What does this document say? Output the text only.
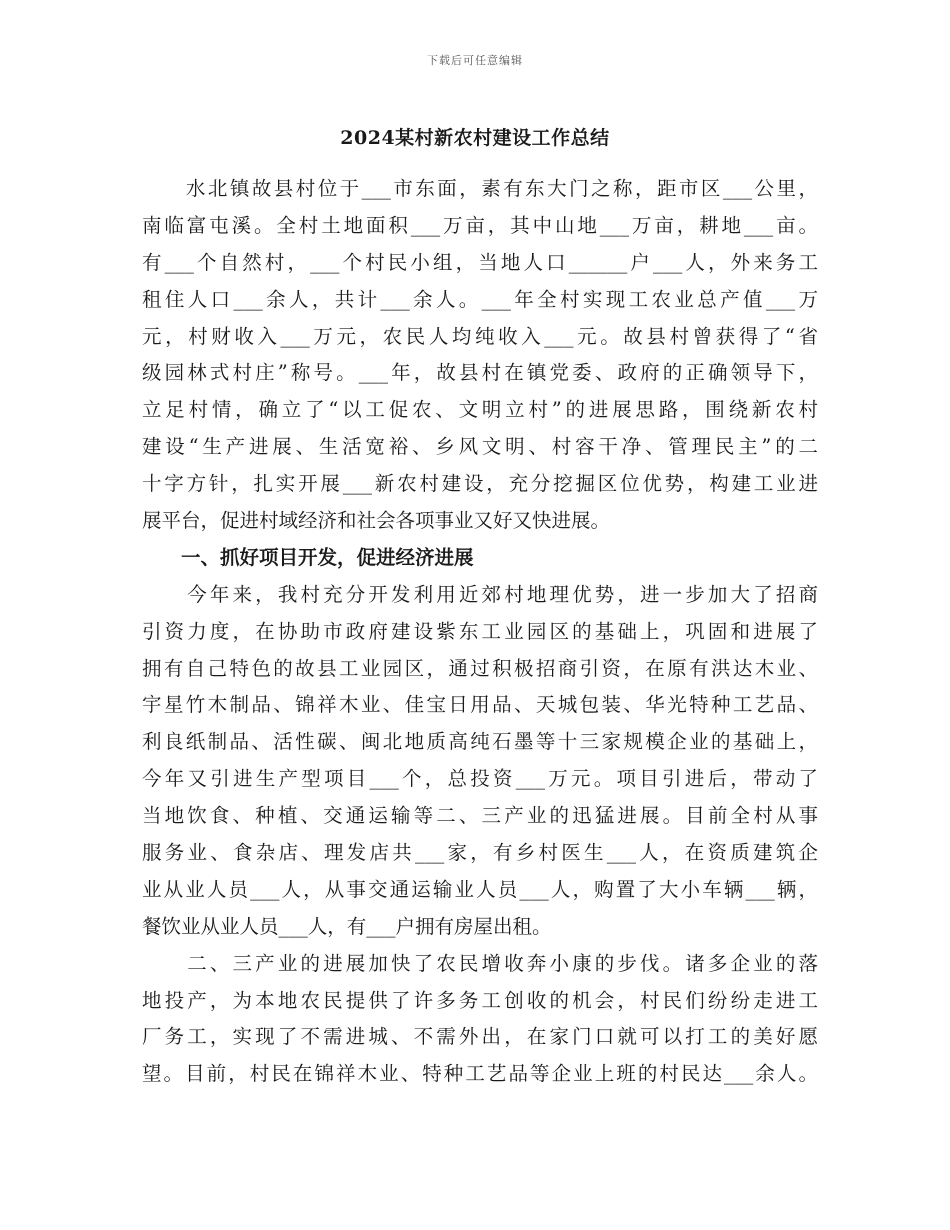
下载后可任意编辑
2024某村新农村建设工作总结
　　水北镇故县村位于___市东面，素有东大门之称，距市区___公里，
南临富屯溪。全村土地面积___万亩，其中山地___万亩，耕地___亩。
有___个自然村，___个村民小组，当地人口______户___人，外来务工
租住人口___余人，共计___余人。___年全村实现工农业总产值___万
元，村财收入___万元，农民人均纯收入___元。故县村曾获得了“省
级园林式村庄”称号。___年，故县村在镇党委、政府的正确领导下，
立足村情，确立了“以工促农、文明立村”的进展思路，围绕新农村
建设“生产进展、生活宽裕、乡风文明、村容干净、管理民主”的二
十字方针，扎实开展___新农村建设，充分挖掘区位优势，构建工业进
展平台，促进村域经济和社会各项事业又好又快进展。
　　一、抓好项目开发，促进经济进展
　　今年来，我村充分开发利用近郊村地理优势，进一步加大了招商
引资力度，在协助市政府建设紫东工业园区的基础上，巩固和进展了
拥有自己特色的故县工业园区，通过积极招商引资，在原有洪达木业、
宇星竹木制品、锦祥木业、佳宝日用品、天城包装、华光特种工艺品、
利良纸制品、活性碳、闽北地质高纯石墨等十三家规模企业的基础上，
今年又引进生产型项目___个，总投资___万元。项目引进后，带动了
当地饮食、种植、交通运输等二、三产业的迅猛进展。目前全村从事
服务业、食杂店、理发店共___家，有乡村医生___人，在资质建筑企
业从业人员___人，从事交通运输业人员___人，购置了大小车辆___辆，
餐饮业从业人员___人，有___户拥有房屋出租。
　　二、三产业的进展加快了农民增收奔小康的步伐。诸多企业的落
地投产，为本地农民提供了许多务工创收的机会，村民们纷纷走进工
厂务工，实现了不需进城、不需外出，在家门口就可以打工的美好愿
望。目前，村民在锦祥木业、特种工艺品等企业上班的村民达___余人。
